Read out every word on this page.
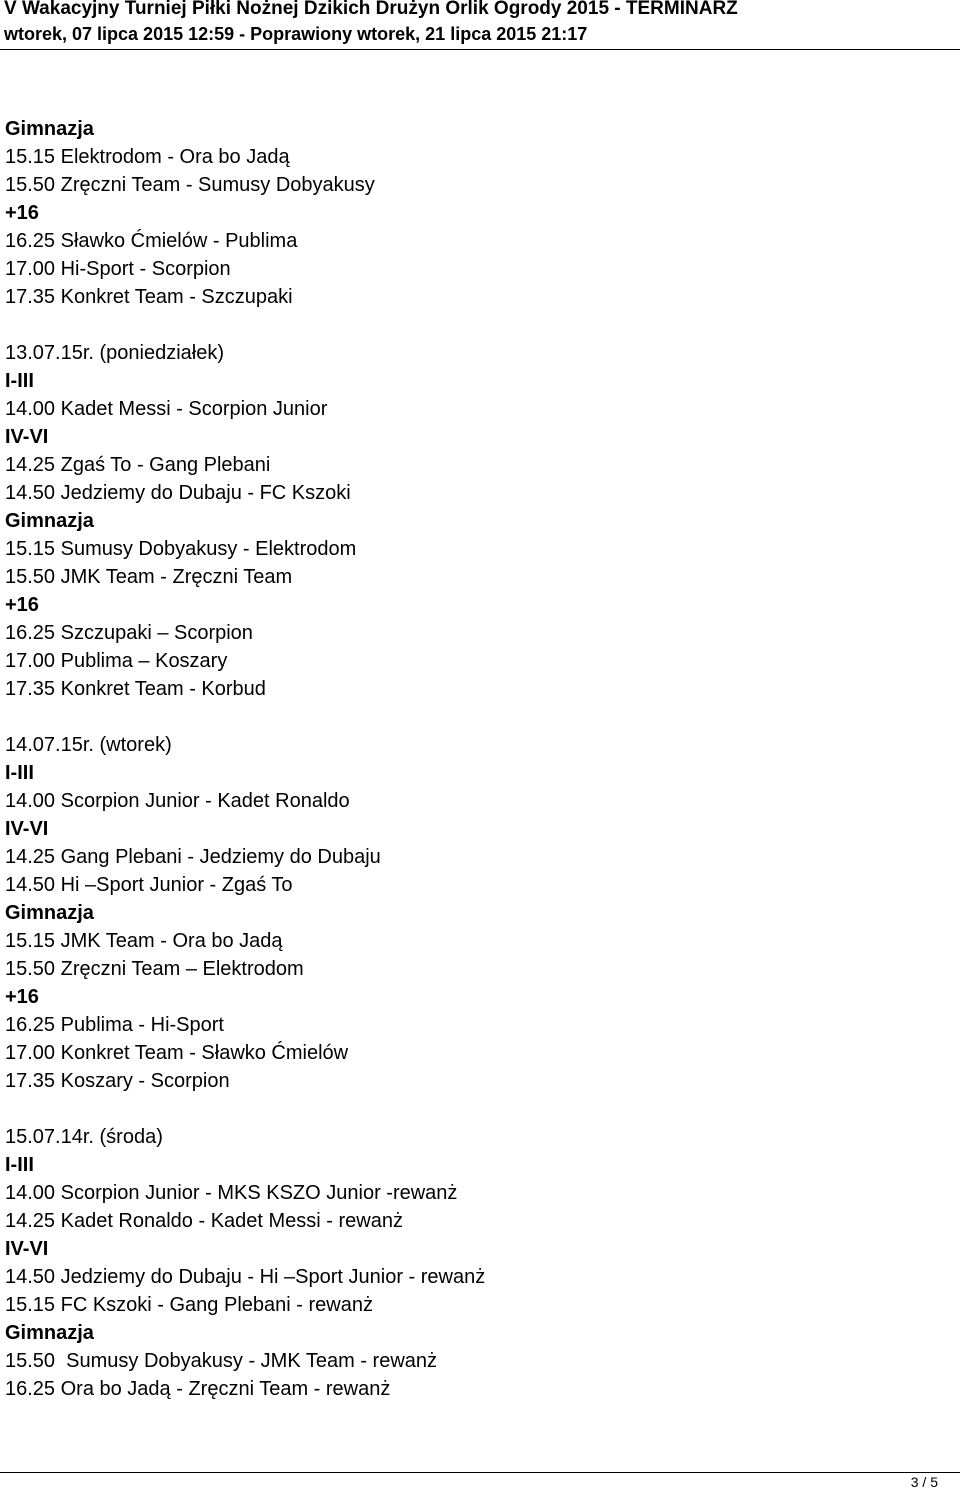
V Wakacyjny Turniej Piłki Nożnej Dzikich Drużyn Orlik Ogrody 2015 - TERMINARZ
wtorek, 07 lipca 2015 12:59 - Poprawiony wtorek, 21 lipca 2015 21:17
Gimnazja
15.15 Elektrodom - Ora bo Jadą
15.50 Zręczni Team - Sumusy Dobyakusy
+16
16.25 Sławko Ćmielów - Publima
17.00 Hi-Sport - Scorpion
17.35 Konkret Team - Szczupaki
13.07.15r. (poniedziałek)
I-III
14.00 Kadet Messi - Scorpion Junior
IV-VI
14.25 Zgaś To - Gang Plebani
14.50 Jedziemy do Dubaju - FC Kszoki
Gimnazja
15.15 Sumusy Dobyakusy - Elektrodom
15.50 JMK Team - Zręczni Team
+16
16.25 Szczupaki – Scorpion
17.00 Publima – Koszary
17.35 Konkret Team - Korbud
14.07.15r. (wtorek)
I-III
14.00 Scorpion Junior - Kadet Ronaldo
IV-VI
14.25 Gang Plebani - Jedziemy do Dubaju
14.50 Hi –Sport Junior - Zgaś To
Gimnazja
15.15 JMK Team - Ora bo Jadą
15.50 Zręczni Team – Elektrodom
+16
16.25 Publima - Hi-Sport
17.00 Konkret Team - Sławko Ćmielów
17.35 Koszary - Scorpion
15.07.14r. (środa)
I-III
14.00 Scorpion Junior - MKS KSZO Junior -rewanż
14.25 Kadet Ronaldo - Kadet Messi - rewanż
IV-VI
14.50 Jedziemy do Dubaju - Hi –Sport Junior - rewanż
15.15 FC Kszoki - Gang Plebani - rewanż
Gimnazja
15.50  Sumusy Dobyakusy - JMK Team - rewanż
16.25 Ora bo Jadą - Zręczni Team - rewanż
3 / 5
